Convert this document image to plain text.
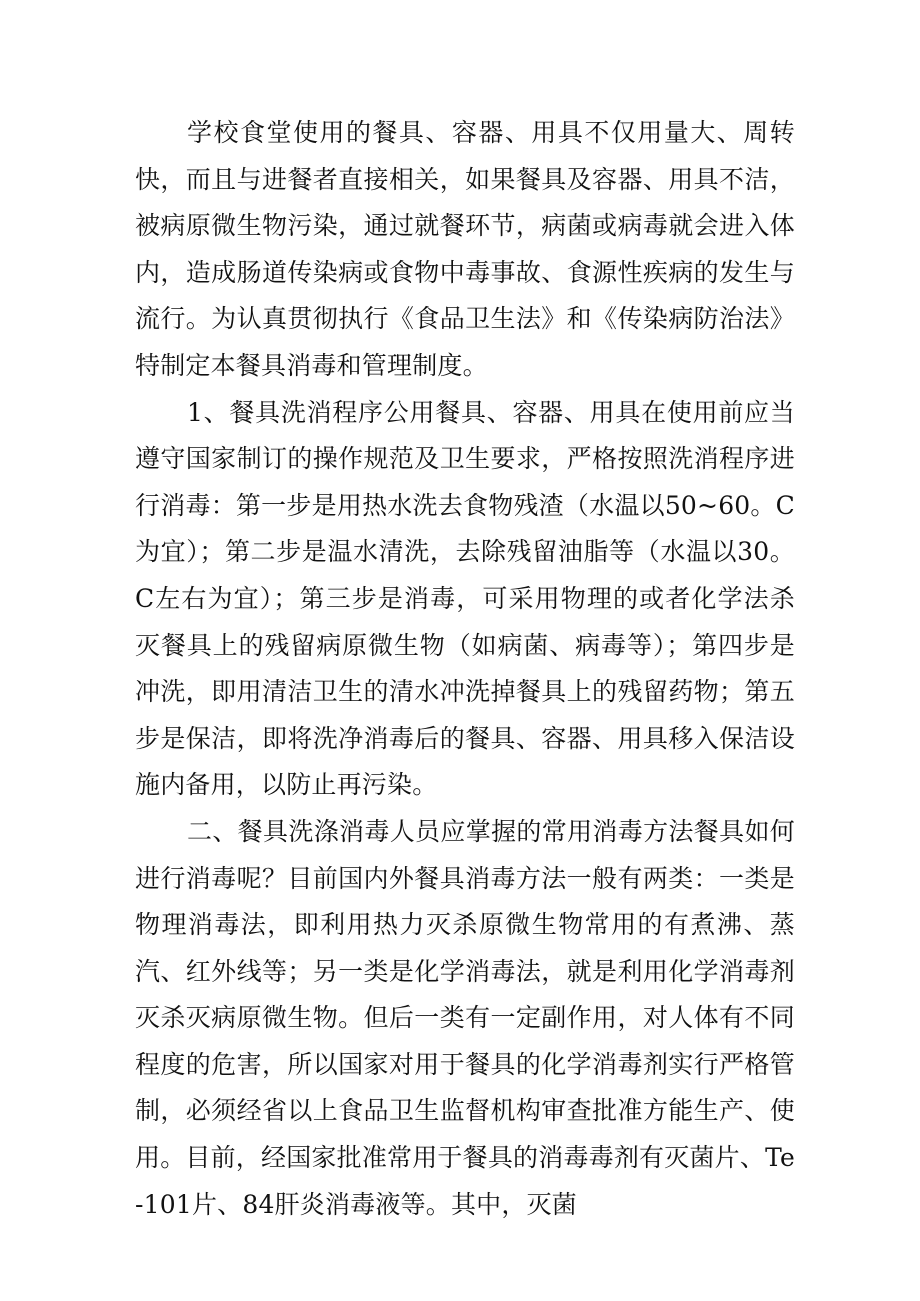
学校食堂使用的餐具、容器、用具不仅用量大、周转快，而且与进餐者直接相关，如果餐具及容器、用具不洁，被病原微生物污染，通过就餐环节，病菌或病毒就会进入体内，造成肠道传染病或食物中毒事故、食源性疾病的发生与流行。为认真贯彻执行《食品卫生法》和《传染病防治法》特制定本餐具消毒和管理制度。

1、餐具洗消程序公用餐具、容器、用具在使用前应当遵守国家制订的操作规范及卫生要求，严格按照洗消程序进行消毒：第一步是用热水洗去食物残渣（水温以50~60。C为宜）；第二步是温水清洗，去除残留油脂等（水温以30。C左右为宜）；第三步是消毒，可采用物理的或者化学法杀灭餐具上的残留病原微生物（如病菌、病毒等）；第四步是冲洗，即用清洁卫生的清水冲洗掉餐具上的残留药物；第五步是保洁，即将洗净消毒后的餐具、容器、用具移入保洁设施内备用，以防止再污染。

二、餐具洗涤消毒人员应掌握的常用消毒方法餐具如何进行消毒呢？目前国内外餐具消毒方法一般有两类：一类是物理消毒法，即利用热力灭杀原微生物常用的有煮沸、蒸汽、红外线等；另一类是化学消毒法，就是利用化学消毒剂灭杀灭病原微生物。但后一类有一定副作用，对人体有不同程度的危害，所以国家对用于餐具的化学消毒剂实行严格管制，必须经省以上食品卫生监督机构审查批准方能生产、使用。目前，经国家批准常用于餐具的消毒毒剂有灭菌片、Te-101片、84肝炎消毒液等。其中，灭菌
